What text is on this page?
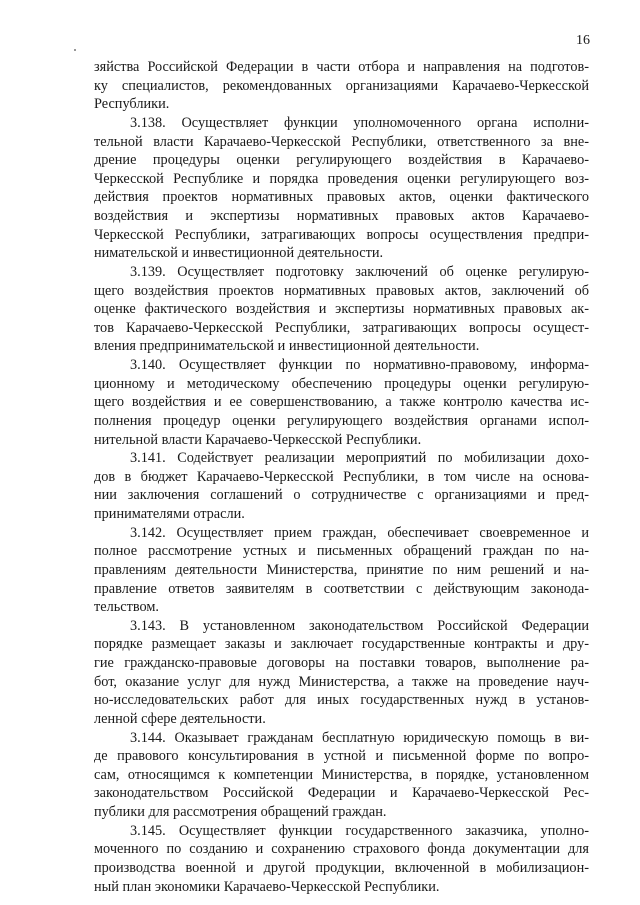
16
зяйства Российской Федерации в части отбора и направления на подготов-
ку специалистов, рекомендованных организациями Карачаево-Черкесской
Республики.
3.138. Осуществляет функции уполномоченного органа исполни-
тельной власти Карачаево-Черкесской Республики, ответственного за вне-
дрение процедуры оценки регулирующего воздействия в Карачаево-
Черкесской Республике и порядка проведения оценки регулирующего воз-
действия проектов нормативных правовых актов, оценки фактического
воздействия и экспертизы нормативных правовых актов Карачаево-
Черкесской Республики, затрагивающих вопросы осуществления предпри-
нимательской и инвестиционной деятельности.
3.139. Осуществляет подготовку заключений об оценке регулирую-
щего воздействия проектов нормативных правовых актов, заключений об
оценке фактического воздействия и экспертизы нормативных правовых ак-
тов Карачаево-Черкесской Республики, затрагивающих вопросы осущест-
вления предпринимательской и инвестиционной деятельности.
3.140. Осуществляет функции по нормативно-правовому, информа-
ционному и методическому обеспечению процедуры оценки регулирую-
щего воздействия и ее совершенствованию, а также контролю качества ис-
полнения процедур оценки регулирующего воздействия органами испол-
нительной власти Карачаево-Черкесской Республики.
3.141. Содействует реализации мероприятий по мобилизации дохо-
дов в бюджет Карачаево-Черкесской Республики, в том числе на основа-
нии заключения соглашений о сотрудничестве с организациями и пред-
принимателями отрасли.
3.142. Осуществляет прием граждан, обеспечивает своевременное и
полное рассмотрение устных и письменных обращений граждан по на-
правлениям деятельности Министерства, принятие по ним решений и на-
правление ответов заявителям в соответствии с действующим законода-
тельством.
3.143. В установленном законодательством Российской Федерации
порядке размещает заказы и заключает государственные контракты и дру-
гие гражданско-правовые договоры на поставки товаров, выполнение ра-
бот, оказание услуг для нужд Министерства, а также на проведение науч-
но-исследовательских работ для иных государственных нужд в установ-
ленной сфере деятельности.
3.144. Оказывает гражданам бесплатную юридическую помощь в ви-
де правового консультирования в устной и письменной форме по вопро-
сам, относящимся к компетенции Министерства, в порядке, установленном
законодательством Российской Федерации и Карачаево-Черкесской Рес-
публики для рассмотрения обращений граждан.
3.145. Осуществляет функции государственного заказчика, уполно-
моченного по созданию и сохранению страхового фонда документации для
производства военной и другой продукции, включенной в мобилизацион-
ный план экономики Карачаево-Черкесской Республики.
